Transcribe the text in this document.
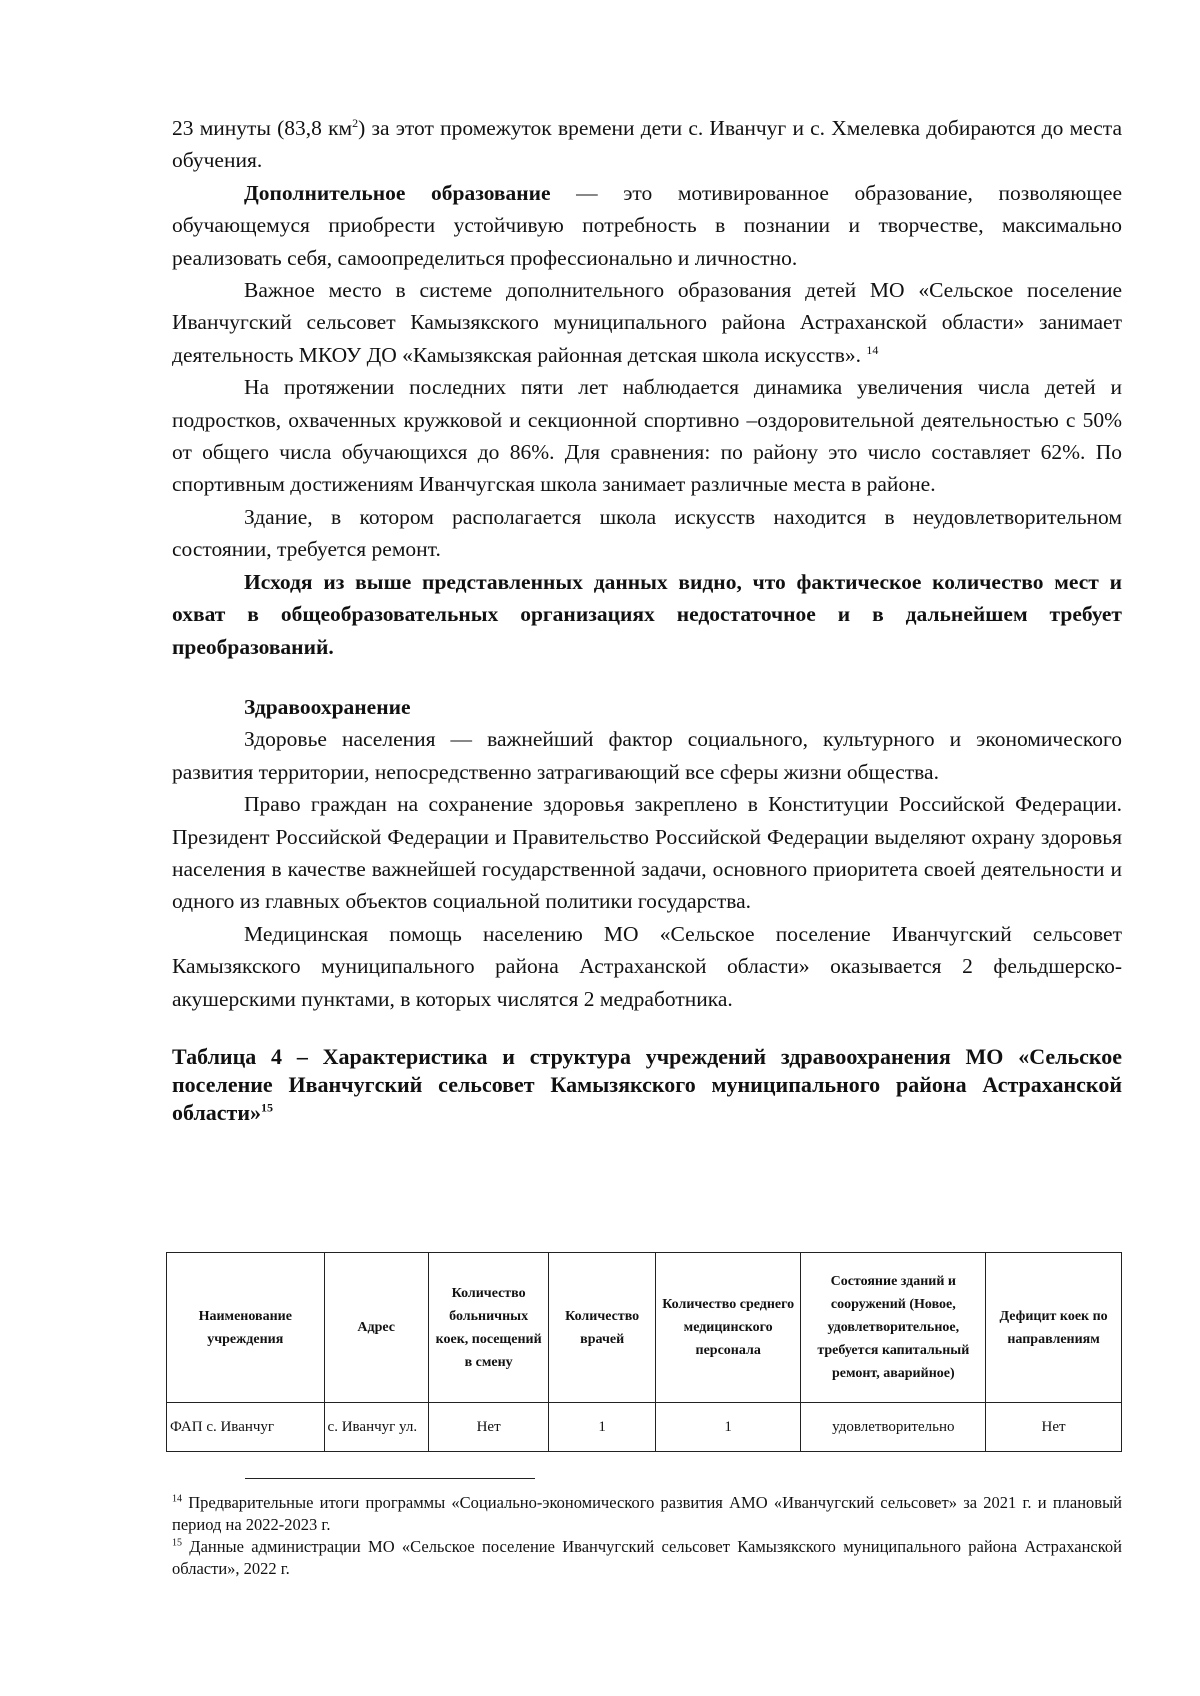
23 минуты (83,8 $км^2$) за этот промежуток времени дети с. Иванчуг и с. Хмелевка добираются до места обучения.

Дополнительное образование — это мотивированное образование, позволяющее обучающемуся приобрести устойчивую потребность в познании и творчестве, максимально реализовать себя, самоопределиться профессионально и личностно.

Важное место в системе дополнительного образования детей МО «Сельское поселение Иванчугский сельсовет Камызякского муниципального района Астраханской области» занимает деятельность МКОУ ДО «Камызякская районная детская школа искусств». $^{14}$

На протяжении последних пяти лет наблюдается динамика увеличения числа детей и подростков, охваченных кружковой и секционной спортивно –оздоровительной деятельностью с 50% от общего числа обучающихся до 86%. Для сравнения: по району это число составляет 62%. По спортивным достижениям Иванчугская школа занимает различные места в районе.

Здание, в котором располагается школа искусств находится в неудовлетворительном состоянии, требуется ремонт.

Исходя из выше представленных данных видно, что фактическое количество мест и охват в общеобразовательных организациях недостаточное и в дальнейшем требует преобразований.

Здравоохранение

Здоровье населения — важнейший фактор социального, культурного и экономического развития территории, непосредственно затрагивающий все сферы жизни общества.

Право граждан на сохранение здоровья закреплено в Конституции Российской Федерации. Президент Российской Федерации и Правительство Российской Федерации выделяют охрану здоровья населения в качестве важнейшей государственной задачи, основного приоритета своей деятельности и одного из главных объектов социальной политики государства.

Медицинская помощь населению МО «Сельское поселение Иванчугский сельсовет Камызякского муниципального района Астраханской области» оказывается 2 фельдшерско-акушерскими пунктами, в которых числятся 2 медработника.

Таблица 4 – Характеристика и структура учреждений здравоохранения МО «Сельское поселение Иванчугский сельсовет Камызякского муниципального района Астраханской области»$^{15}$

Наименование учреждения	Адрес	Количество больничных коек, посещений в смену	Количество врачей	Количество среднего медицинского персонала	Состояние зданий и сооружений (Новое, удовлетворительное, требуется капитальный ремонт, аварийное)	Дефицит коек по направлениям
ФАП с. Иванчуг	с. Иванчуг ул.	Нет	1	1	удовлетворительно	Нет

$^{14}$ Предварительные итоги программы «Социально-экономического развития АМО «Иванчугский сельсовет» за 2021 г. и плановый период на 2022-2023 г.

$^{15}$ Данные администрации МО «Сельское поселение Иванчугский сельсовет Камызякского муниципального района Астраханской области», 2022 г.
